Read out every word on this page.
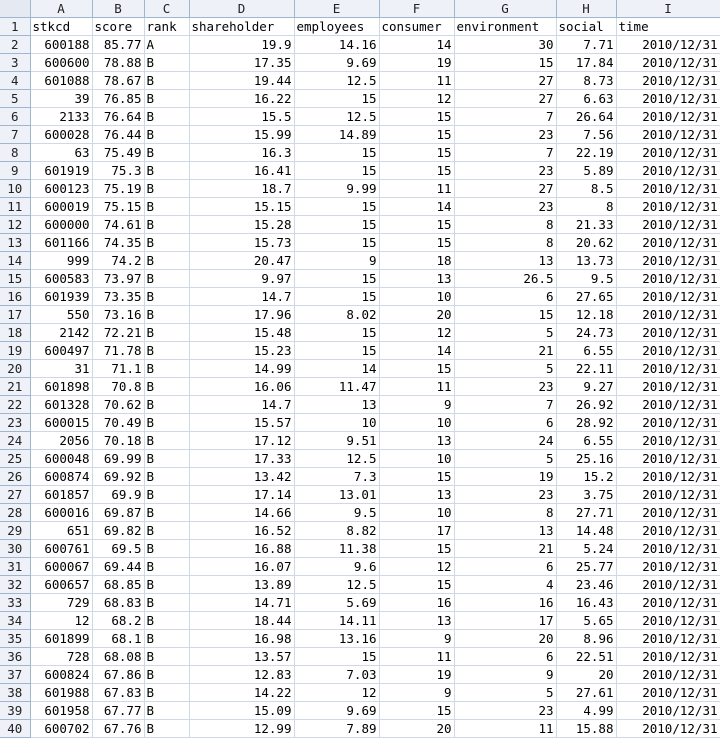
	A	B	C	D	E	F	G	H	I
1	stkcd	score	rank	shareholder	employees	consumer	environment	social	time
2	600188	85.77	A	19.9	14.16	14	30	7.71	2010/12/31
3	600600	78.88	B	17.35	9.69	19	15	17.84	2010/12/31
4	601088	78.67	B	19.44	12.5	11	27	8.73	2010/12/31
5	39	76.85	B	16.22	15	12	27	6.63	2010/12/31
6	2133	76.64	B	15.5	12.5	15	7	26.64	2010/12/31
7	600028	76.44	B	15.99	14.89	15	23	7.56	2010/12/31
8	63	75.49	B	16.3	15	15	7	22.19	2010/12/31
9	601919	75.3	B	16.41	15	15	23	5.89	2010/12/31
10	600123	75.19	B	18.7	9.99	11	27	8.5	2010/12/31
11	600019	75.15	B	15.15	15	14	23	8	2010/12/31
12	600000	74.61	B	15.28	15	15	8	21.33	2010/12/31
13	601166	74.35	B	15.73	15	15	8	20.62	2010/12/31
14	999	74.2	B	20.47	9	18	13	13.73	2010/12/31
15	600583	73.97	B	9.97	15	13	26.5	9.5	2010/12/31
16	601939	73.35	B	14.7	15	10	6	27.65	2010/12/31
17	550	73.16	B	17.96	8.02	20	15	12.18	2010/12/31
18	2142	72.21	B	15.48	15	12	5	24.73	2010/12/31
19	600497	71.78	B	15.23	15	14	21	6.55	2010/12/31
20	31	71.1	B	14.99	14	15	5	22.11	2010/12/31
21	601898	70.8	B	16.06	11.47	11	23	9.27	2010/12/31
22	601328	70.62	B	14.7	13	9	7	26.92	2010/12/31
23	600015	70.49	B	15.57	10	10	6	28.92	2010/12/31
24	2056	70.18	B	17.12	9.51	13	24	6.55	2010/12/31
25	600048	69.99	B	17.33	12.5	10	5	25.16	2010/12/31
26	600874	69.92	B	13.42	7.3	15	19	15.2	2010/12/31
27	601857	69.9	B	17.14	13.01	13	23	3.75	2010/12/31
28	600016	69.87	B	14.66	9.5	10	8	27.71	2010/12/31
29	651	69.82	B	16.52	8.82	17	13	14.48	2010/12/31
30	600761	69.5	B	16.88	11.38	15	21	5.24	2010/12/31
31	600067	69.44	B	16.07	9.6	12	6	25.77	2010/12/31
32	600657	68.85	B	13.89	12.5	15	4	23.46	2010/12/31
33	729	68.83	B	14.71	5.69	16	16	16.43	2010/12/31
34	12	68.2	B	18.44	14.11	13	17	5.65	2010/12/31
35	601899	68.1	B	16.98	13.16	9	20	8.96	2010/12/31
36	728	68.08	B	13.57	15	11	6	22.51	2010/12/31
37	600824	67.86	B	12.83	7.03	19	9	20	2010/12/31
38	601988	67.83	B	14.22	12	9	5	27.61	2010/12/31
39	601958	67.77	B	15.09	9.69	15	23	4.99	2010/12/31
40	600702	67.76	B	12.99	7.89	20	11	15.88	2010/12/31
